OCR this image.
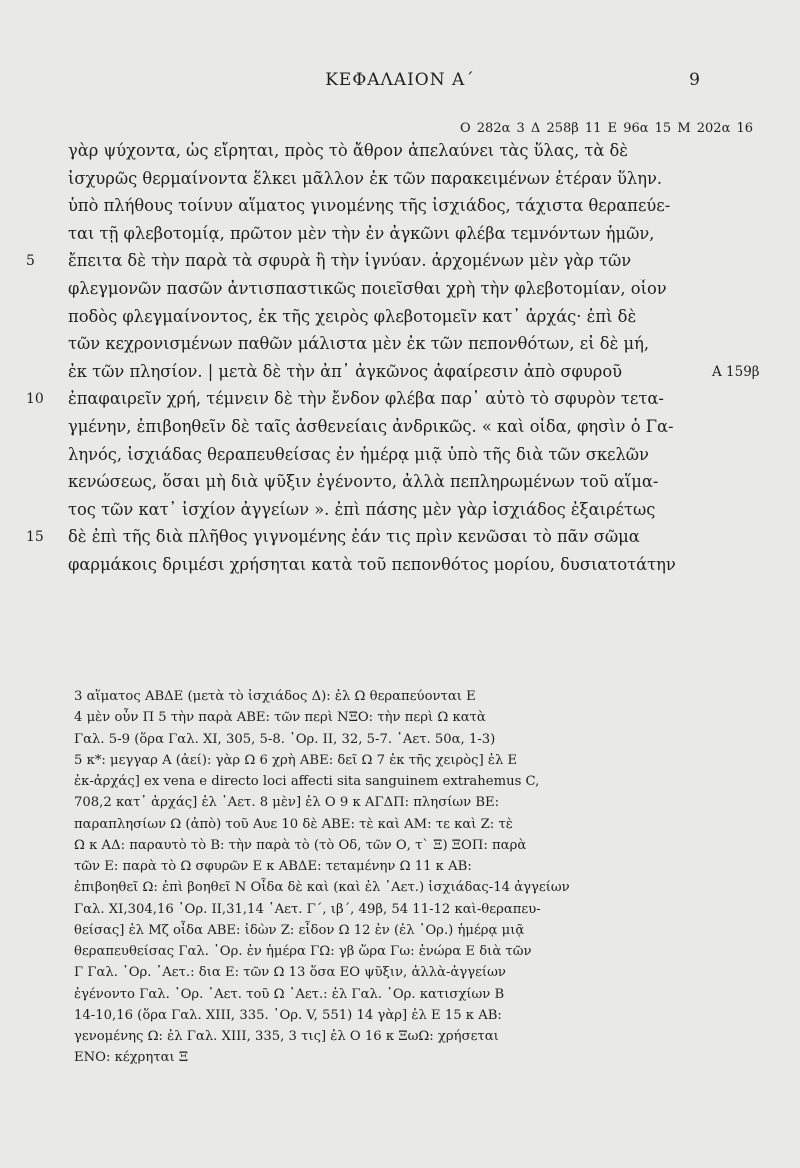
ΚΕΦΑΛΑΙΟΝ Α΄	9
Ο 282α 3 Δ 258β 11 Ε 96α 15 Μ 202α 16
γὰρ ψύχοντα, ὡς εἴρηται, πρὸς τὸ ἄθρον ἀπελαύνει τὰς ὕλας, τὰ δὲ
ἰσχυρῶς θερμαίνοντα ἕλκει μᾶλλον ἐκ τῶν παρακειμένων ἑτέραν ὕλην.
ὑπὸ πλήθους τοίνυν αἵματος γινομένης τῆς ἰσχιάδος, τάχιστα θεραπεύε-
ται τῇ φλεβοτομίᾳ, πρῶτον μὲν τὴν ἐν ἀγκῶνι φλέβα τεμνόντων ἡμῶν,
5 ἔπειτα δὲ τὴν παρὰ τὰ σφυρὰ ἢ τὴν ἰγνύαν. ἀρχομένων μὲν γὰρ τῶν
φλεγμονῶν πασῶν ἀντισπαστικῶς ποιεῖσθαι χρὴ τὴν φλεβοτομίαν, οἷον
ποδὸς φλεγμαίνοντος, ἐκ τῆς χειρὸς φλεβοτομεῖν κατ᾽ ἀρχάς· ἐπὶ δὲ
τῶν κεχρονισμένων παθῶν μάλιστα μὲν ἐκ τῶν πεπονθότων, εἰ δὲ μή,
ἐκ τῶν πλησίον. | μετὰ δὲ τὴν ἀπ᾽ ἀγκῶνος ἀφαίρεσιν ἀπὸ σφυροῦ	A 159β
10 ἐπαφαιρεῖν χρή, τέμνειν δὲ τὴν ἔνδον φλέβα παρ᾽ αὐτὸ τὸ σφυρὸν τετα-
γμένην, ἐπιβοηθεῖν δὲ ταῖς ἀσθενείαις ἀνδρικῶς. « καὶ οἶδα, φησὶν ὁ Γα-
ληνός, ἰσχιάδας θεραπευθείσας ἐν ἡμέρᾳ μιᾷ ὑπὸ τῆς διὰ τῶν σκελῶν
κενώσεως, ὅσαι μὴ διὰ ψῦξιν ἐγένοντο, ἀλλὰ πεπληρωμένων τοῦ αἵμα-
τος τῶν κατ᾽ ἰσχίον ἀγγείων ». ἐπὶ πάσης μὲν γὰρ ἰσχιάδος ἐξαιρέτως
15 δὲ ἐπὶ τῆς διὰ πλῆθος γιγνομένης ἐάν τις πρὶν κενῶσαι τὸ πᾶν σῶμα
φαρμάκοις δριμέσι χρήσηται κατὰ τοῦ πεπονθότος μορίου, δυσιατοτάτην
3 αἵματος ΑΒΔΕ (μετὰ τὸ ἰσχιάδος Δ): ἐλ Ω θεραπεύονται Ε
4 μὲν οὖν Π 5 τὴν παρὰ ΑΒΕ: τῶν περὶ ΝΞΟ: τὴν περὶ Ω κατὰ
Γαλ. 5-9 (ὅρα Γαλ. XI, 305, 5-8. ᾿Ορ. II, 32, 5-7. ᾿Αετ. 50α, 1-3)
5 κ*: μεγγαρ Α (ἀεί): γὰρ Ω 6 χρὴ ΑΒΕ: δεῖ Ω 7 ἐκ τῆς χειρὸς] ἐλ Ε
ἐκ-ἀρχάς] ex vena e directo loci affecti sita sanguinem extrahemus C,
708,2 κατ᾽ ἀρχάς] ἐλ ᾿Αετ. 8 μὲν] ἐλ Ο 9 κ ΑΓΔΠ: πλησίων ΒΕ:
παραπλησίων Ω (ἀπὸ) τοῦ Αυε 10 δὲ ΑΒΕ: τὲ καὶ ΑΜ: τε καὶ Ζ: τὲ
Ω κ ΑΔ: παραυτὸ τὸ Β: τὴν παρὰ τὸ (τὸ Οδ, τῶν Ο, τ` Ξ) ΞΟΠ: παρὰ
τῶν Ε: παρὰ τὸ Ω σφυρῶν Ε κ ΑΒΔΕ: τεταμένην Ω 11 κ ΑΒ:
ἐπιβοηθεῖ Ω: ἐπὶ βοηθεῖ Ν Οἶδα δὲ καὶ (καὶ ἐλ ᾿Αετ.) ἰσχιάδας-14 ἀγγείων
Γαλ. XI,304,16 ᾿Ορ. II,31,14 ᾿Αετ. Γ΄, ιβ΄, 49β, 54 11-12 καὶ-θεραπευ-
θείσας] ἐλ Μζ οἶδα ΑΒΕ: ἰδὼν Ζ: εἶδον Ω 12 ἐν (ἐλ ᾿Ορ.) ἡμέρᾳ μιᾷ
θεραπευθείσας Γαλ. ᾿Ορ. ἐν ἡμέρα ΓΩ: γβ ὥρα Γω: ἐνώρα Ε διὰ τῶν
Γ Γαλ. ᾿Ορ. ᾿Αετ.: δια Ε: τῶν Ω 13 ὅσα ΕΟ ψῦξιν, ἀλλὰ-ἀγγείων
ἐγένοντο Γαλ. ᾿Ορ. ᾿Αετ. τοῦ Ω ᾿Αετ.: ἐλ Γαλ. ᾿Ορ. κατισχίων Β
14-10,16 (ὅρα Γαλ. XIII, 335. ᾿Ορ. V, 551) 14 γὰρ] ἐλ Ε 15 κ ΑΒ:
γενομένης Ω: ἐλ Γαλ. XIII, 335, 3 τις] ἐλ Ο 16 κ ΞωΩ: χρήσεται
ΕΝΟ: κέχρηται Ξ
